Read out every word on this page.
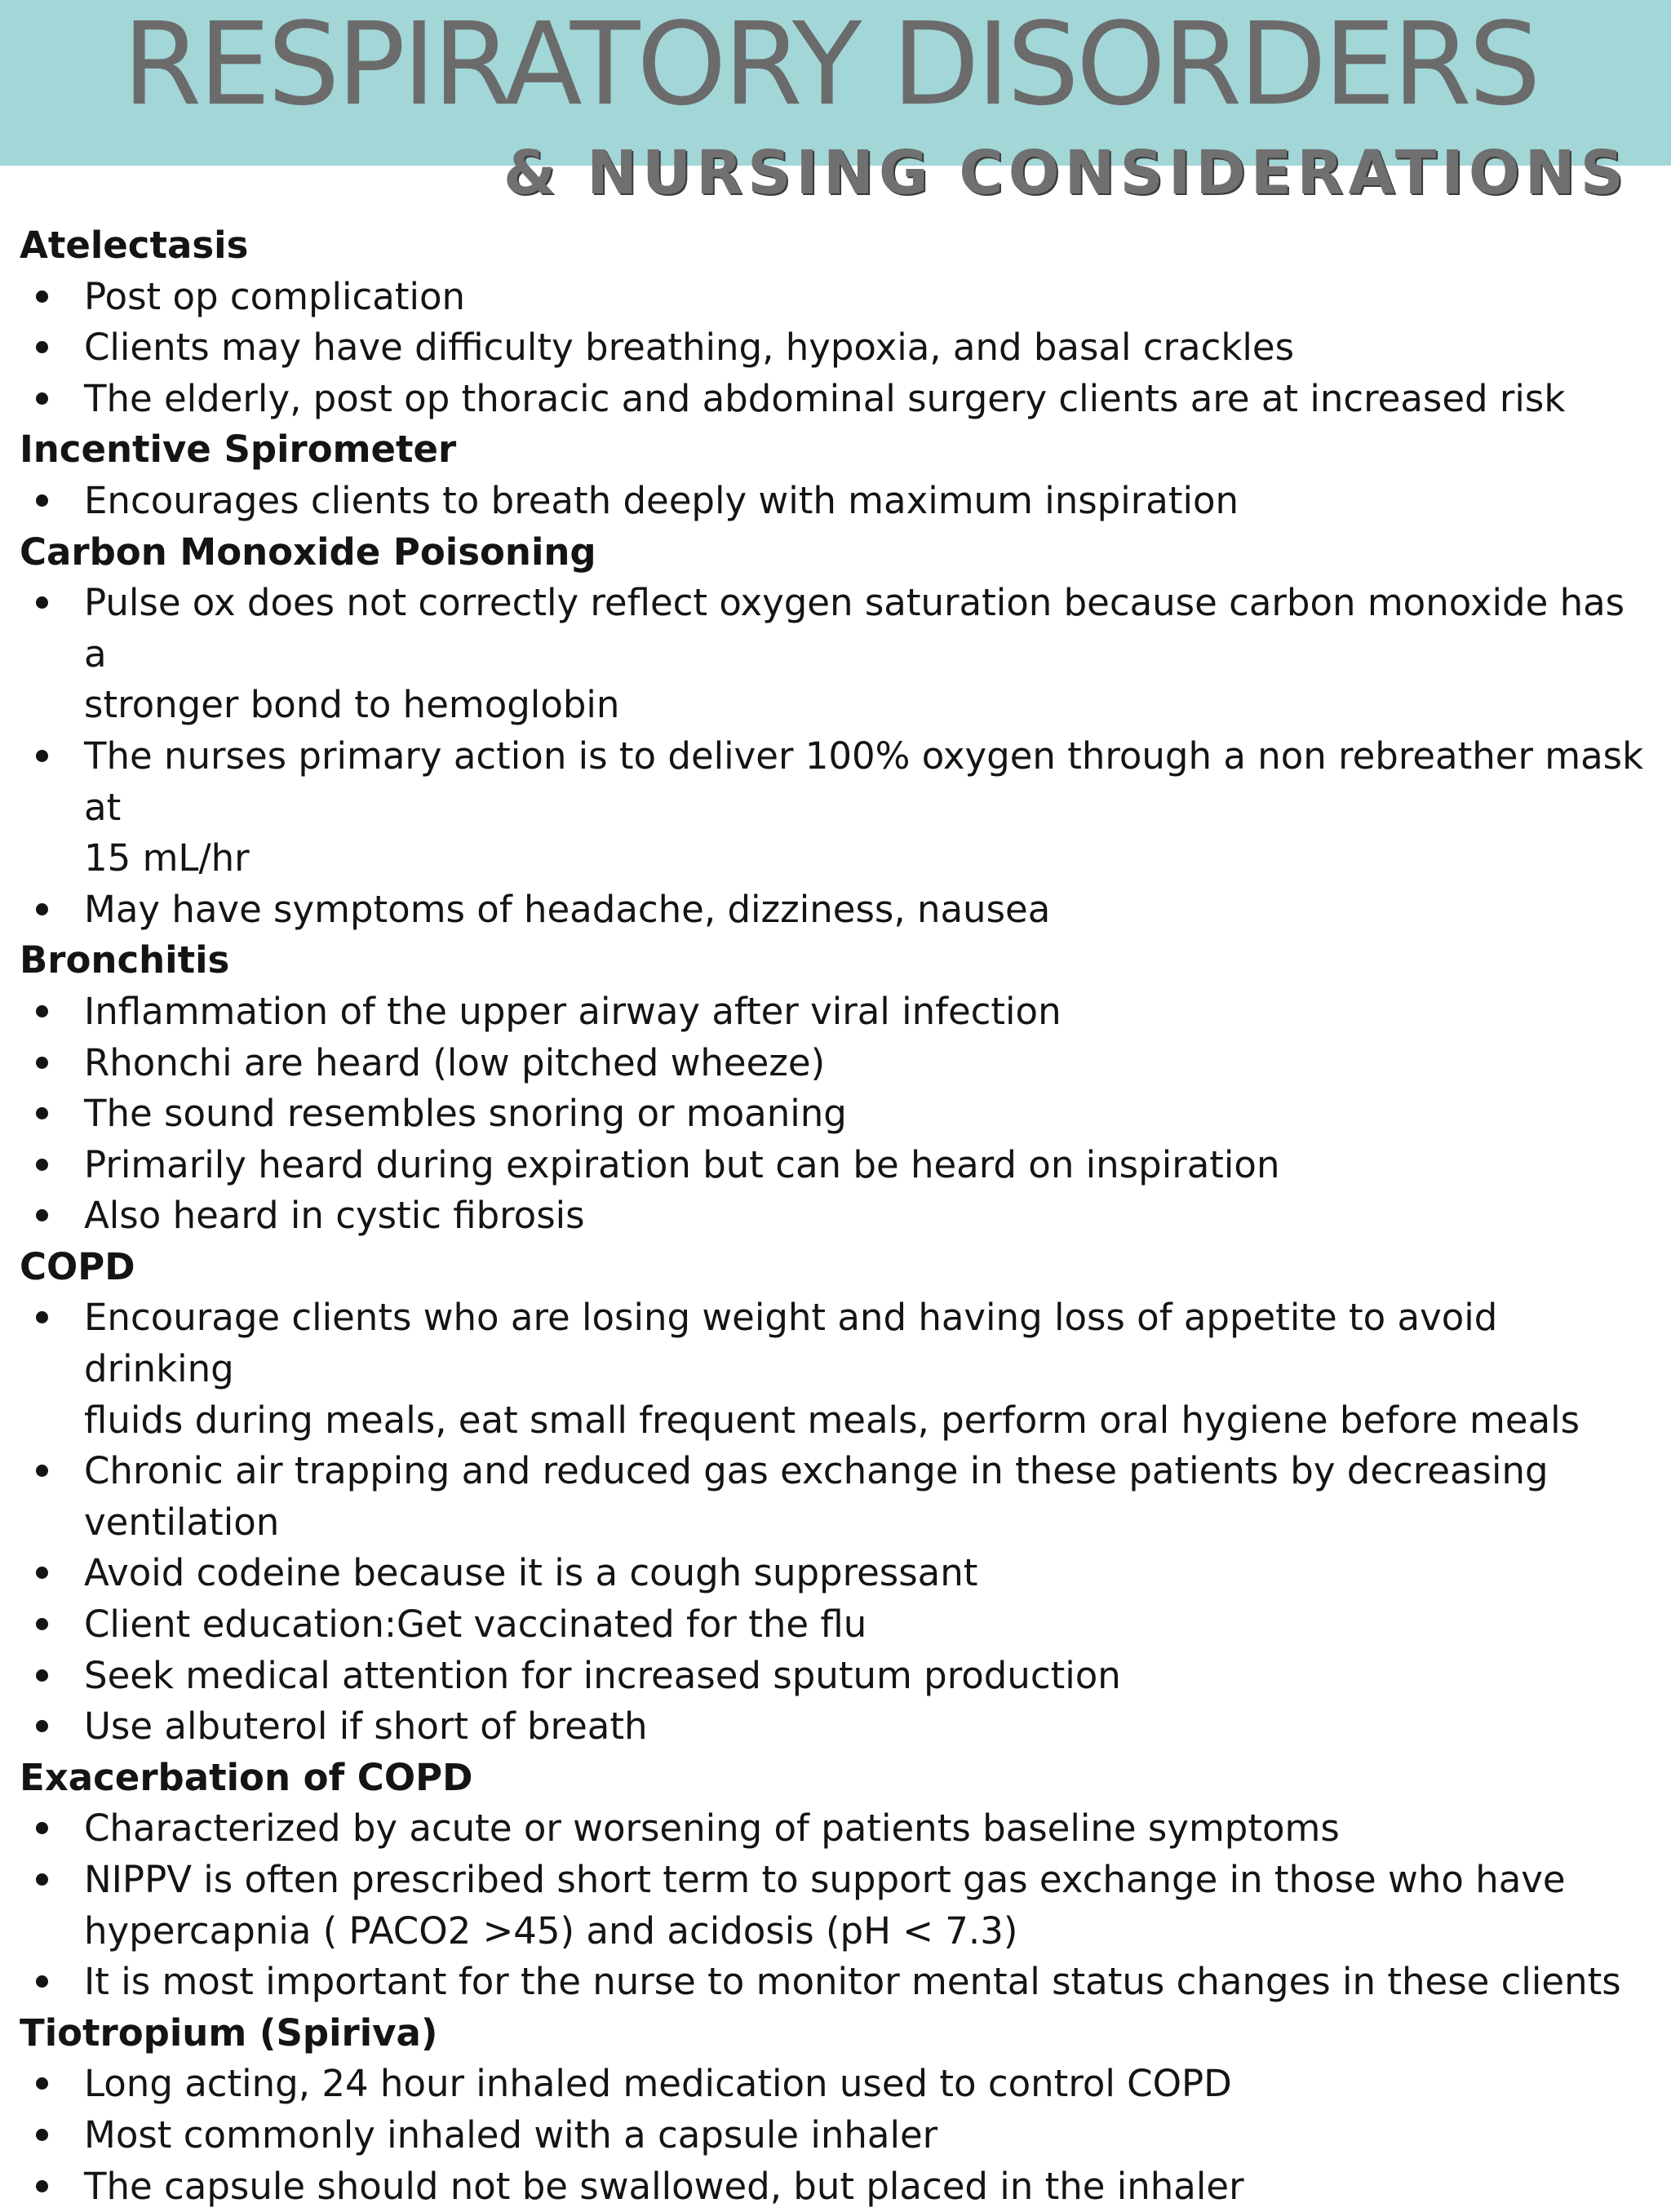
RESPIRATORY DISORDERS
& NURSING CONSIDERATIONS
Atelectasis
Post op complication
Clients may have difficulty breathing, hypoxia, and basal crackles
The elderly, post op thoracic and abdominal surgery clients are at increased risk
Incentive Spirometer
Encourages clients to breath deeply with maximum inspiration
Carbon Monoxide Poisoning
Pulse ox does not correctly reflect oxygen saturation because carbon monoxide has a
stronger bond to hemoglobin
The nurses primary action is to deliver 100% oxygen through a non rebreather mask at
15 mL/hr
May have symptoms of headache, dizziness, nausea
Bronchitis
Inflammation of the upper airway after viral infection
Rhonchi are heard (low pitched wheeze)
The sound resembles snoring or moaning
Primarily heard during expiration but can be heard on inspiration
Also heard in cystic fibrosis
COPD
Encourage clients who are losing weight and having loss of appetite to avoid drinking
fluids during meals, eat small frequent meals, perform oral hygiene before meals
Chronic air trapping and reduced gas exchange in these patients by decreasing
ventilation
Avoid codeine because it is a cough suppressant
Client education:Get vaccinated for the flu
Seek medical attention for increased sputum production
Use albuterol if short of breath
Exacerbation of COPD
Characterized by acute or worsening of patients baseline symptoms
NIPPV is often prescribed short term to support gas exchange in those who have
hypercapnia ( PACO2 >45) and acidosis (pH < 7.3)
It is most important for the nurse to monitor mental status changes in these clients
Tiotropium (Spiriva)
Long acting, 24 hour inhaled medication used to control COPD
Most commonly inhaled with a capsule inhaler
The capsule should not be swallowed, but placed in the inhaler
